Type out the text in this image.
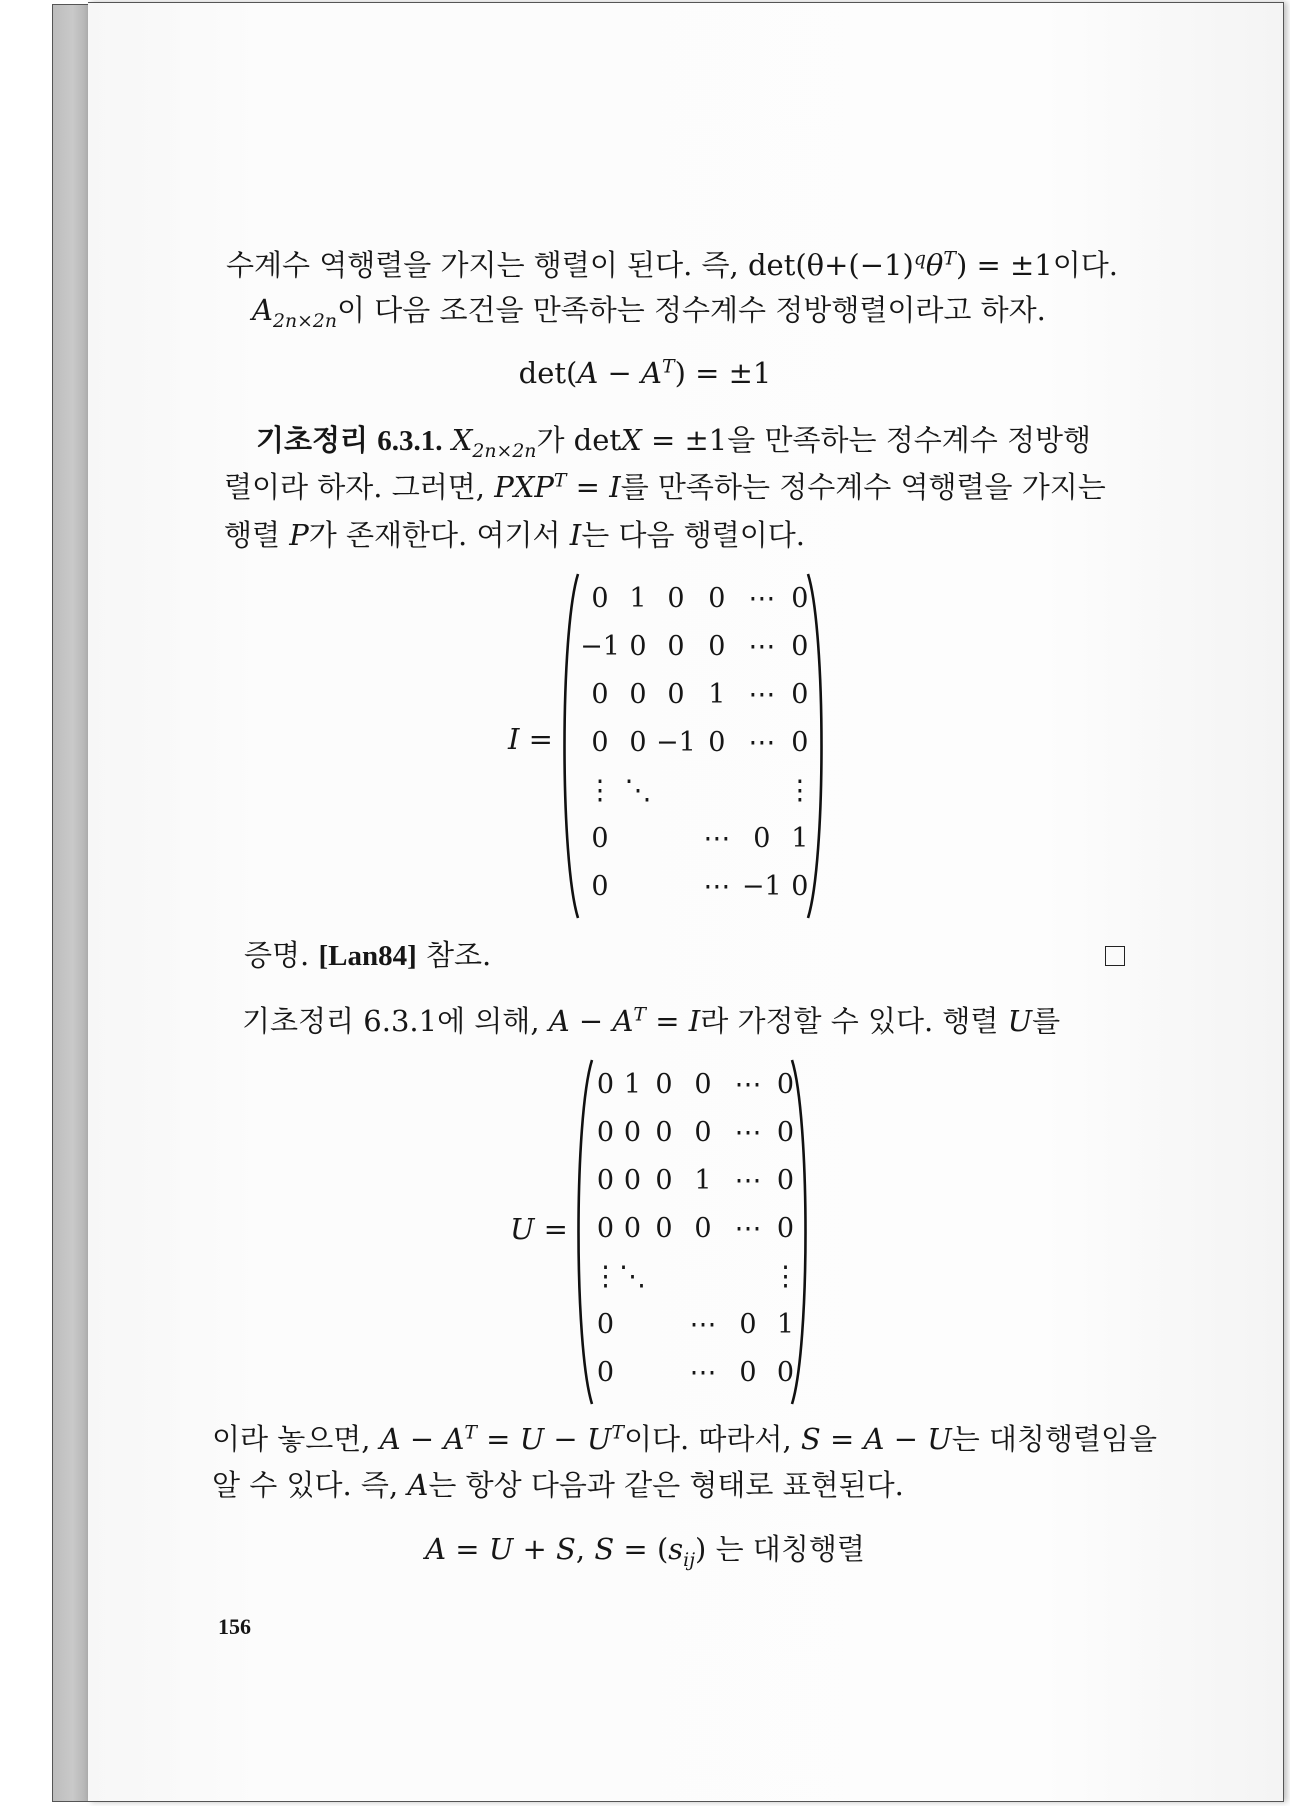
수계수 역행렬을 가지는 행렬이 된다. 즉, $\det(\theta+(-1)^q\theta^T) = \pm 1$이다.
$A_{2n\times 2n}$이 다음 조건을 만족하는 정수계수 정방행렬이라고 하자.
$\det(A - A^T) = \pm 1$
기초정리 6.3.1. $X_{2n\times 2n}$가 detX = ±1을 만족하는 정수계수 정방행
렬이라 하자. 그러면, $PXP^T = I$를 만족하는 정수계수 역행렬을 가지는
행렬 P가 존재한다. 여기서 I는 다음 행렬이다.
I =
0	1	0	0	⋯	0
−1	0	0	0	⋯	0
0	0	0	1	⋯	0
0	0	−1	0	⋯	0
⋮	⋱				⋮
0			⋯	0	1
0			⋯	−1	0
증명. [Lan84] 참조.
기초정리 6.3.1에 의해, $A - A^T = I$라 가정할 수 있다. 행렬 U를
U =
0	1	0	0	⋯	0
0	0	0	0	⋯	0
0	0	0	1	⋯	0
0	0	0	0	⋯	0
⋮	⋱				⋮
0			⋯	0	1
0			⋯	0	0
이라 놓으면, $A - A^T = U - U^T$이다. 따라서, S = A − U는 대칭행렬임을
알 수 있다. 즉, A는 항상 다음과 같은 형태로 표현된다.
A = U + S, $S = (s_{ij})$ 는 대칭행렬
156
